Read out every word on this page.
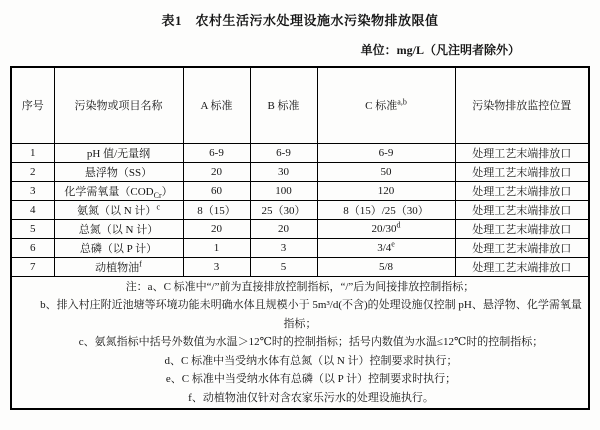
表1　农村生活污水处理设施水污染物排放限值
单位：mg/L（凡注明者除外）
序号	污染物或项目名称	A 标准	B 标准	C 标准$^{a,b}$	污染物排放监控位置
1	pH 值/无量纲	6-9	6-9	6-9	处理工艺末端排放口
2	悬浮物（SS）	20	30	50	处理工艺末端排放口
3	化学需氧量$(COD_{Cr})$	60	100	120	处理工艺末端排放口
4	氨氮（以 N 计）$^c$	8（15）	25（30）	8（15）/25（30）	处理工艺末端排放口
5	总氮（以 N 计）	20	20	20/30$^d$	处理工艺末端排放口
6	总磷（以 P 计）	1	3	3/4e	处理工艺末端排放口
7	动植物油$^f$	3	5	5/8	处理工艺末端排放口

注：a、C 标准中“/”前为直接排放控制指标，“/”后为间接排放控制指标；

b、排入村庄附近池塘等环境功能未明确水体且规模小于 5m³/d(不含)的处理设施仅控制 pH、悬浮物、化学需氧量指标；

c、氨氮指标中括号外数值为水温＞12℃时的控制指标；括号内数值为水温≤12℃时的控制指标；

d、C 标准中当受纳水体有总氮（以 N 计）控制要求时执行；

e、C 标准中当受纳水体有总磷（以 P 计）控制要求时执行；

f、动植物油仅针对含农家乐污水的处理设施执行。
